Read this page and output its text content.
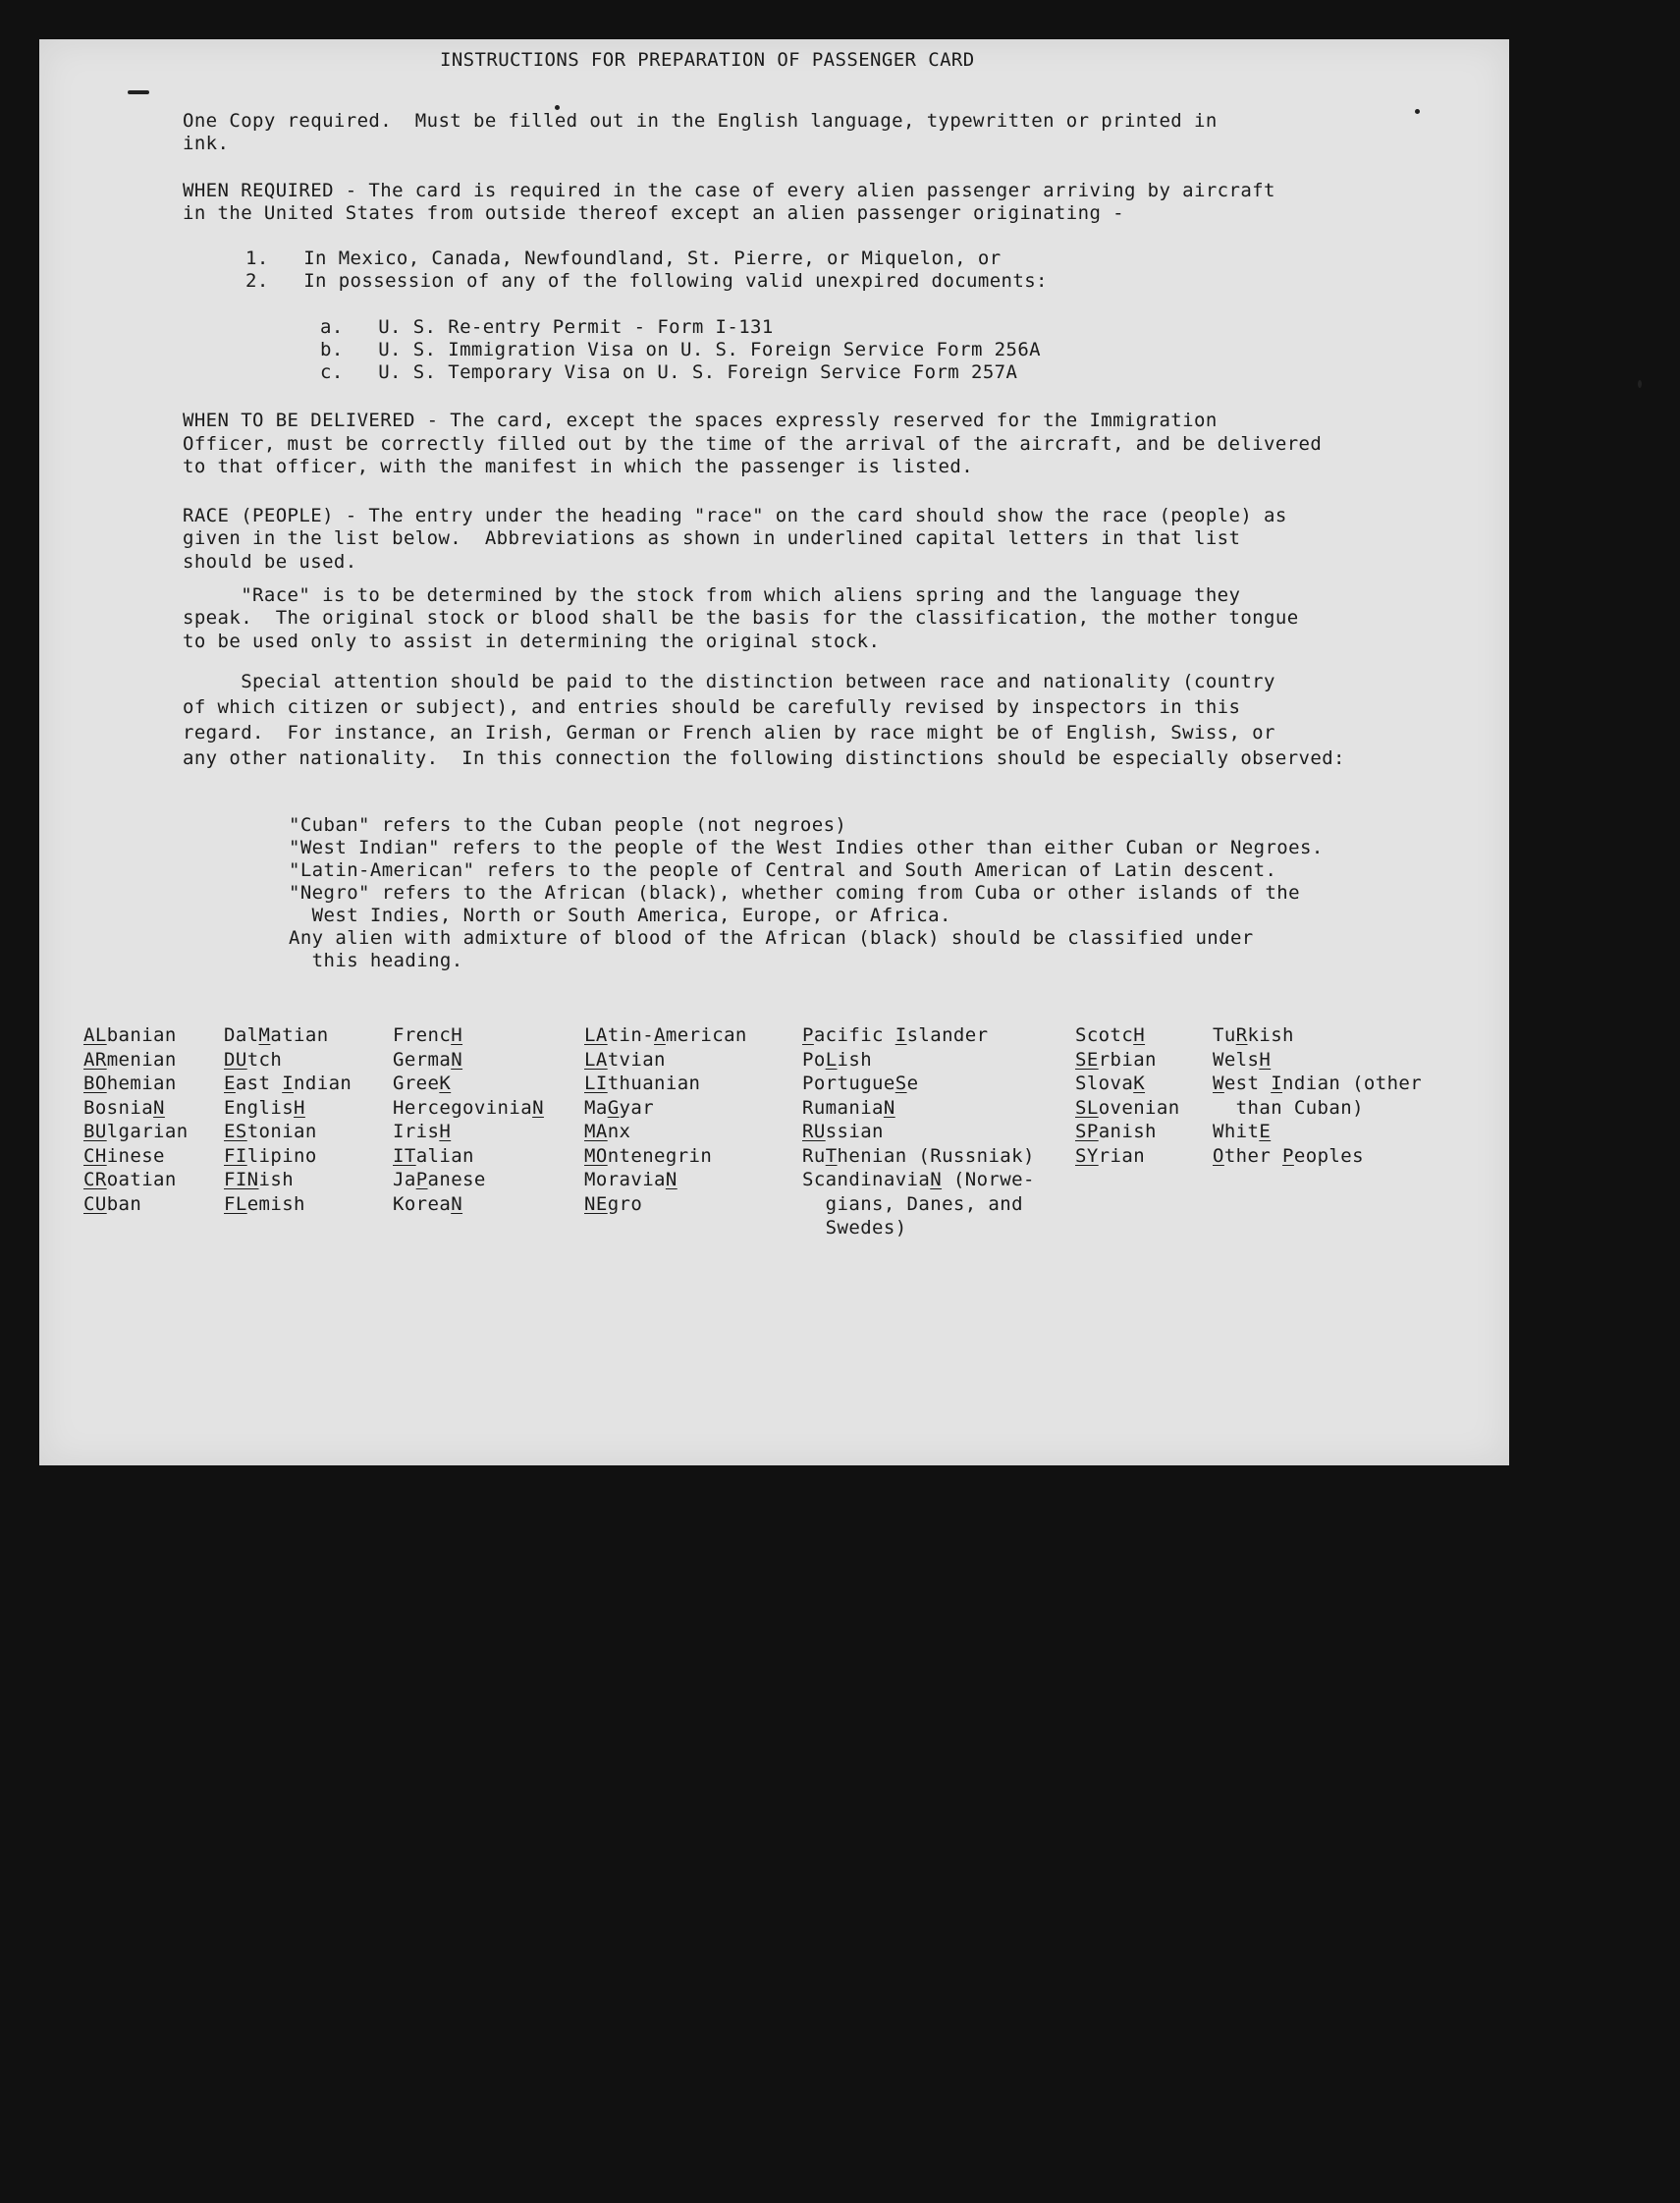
INSTRUCTIONS FOR PREPARATION OF PASSENGER CARD
One Copy required.  Must be filled out in the English language, typewritten or printed in
ink.
WHEN REQUIRED - The card is required in the case of every alien passenger arriving by aircraft
in the United States from outside thereof except an alien passenger originating -
1.   In Mexico, Canada, Newfoundland, St. Pierre, or Miquelon, or
2.   In possession of any of the following valid unexpired documents:
a.   U. S. Re-entry Permit - Form I-131
b.   U. S. Immigration Visa on U. S. Foreign Service Form 256A
c.   U. S. Temporary Visa on U. S. Foreign Service Form 257A
WHEN TO BE DELIVERED - The card, except the spaces expressly reserved for the Immigration
Officer, must be correctly filled out by the time of the arrival of the aircraft, and be delivered
to that officer, with the manifest in which the passenger is listed.
RACE (PEOPLE) - The entry under the heading "race" on the card should show the race (people) as
given in the list below.  Abbreviations as shown in underlined capital letters in that list
should be used.
"Race" is to be determined by the stock from which aliens spring and the language they
speak.  The original stock or blood shall be the basis for the classification, the mother tongue
to be used only to assist in determining the original stock.
Special attention should be paid to the distinction between race and nationality (country
of which citizen or subject), and entries should be carefully revised by inspectors in this
regard.  For instance, an Irish, German or French alien by race might be of English, Swiss, or
any other nationality.  In this connection the following distinctions should be especially observed:
"Cuban" refers to the Cuban people (not negroes)
"West Indian" refers to the people of the West Indies other than either Cuban or Negroes.
"Latin-American" refers to the people of Central and South American of Latin descent.
"Negro" refers to the African (black), whether coming from Cuba or other islands of the
West Indies, North or South America, Europe, or Africa.
Any alien with admixture of blood of the African (black) should be classified under
this heading.
ALbanian
ARmenian
BOhemian
BosniaN
BUlgarian
CHinese
CRoatian
CUban
DalMatian
DUtch
East Indian
EnglisH
EStonian
FIlipino
FINish
FLemish
FrencH
GermaN
GreeK
HercegoviniaN
IrisH
ITalian
JaPanese
KoreaN
LAtin-American
LAtvian
LIthuanian
MaGyar
MAnx
MOntenegrin
MoraviaN
NEgro
Pacific Islander
PoLish
PortugueSe
RumaniaN
RUssian
RuThenian (Russniak)
ScandinaviaN (Norwe-
gians, Danes, and
Swedes)
ScotcH
SErbian
SlovaK
SLovenian
SPanish
SYrian
TuRkish
WelsH
West Indian (other
than Cuban)
WhitE
Other Peoples
